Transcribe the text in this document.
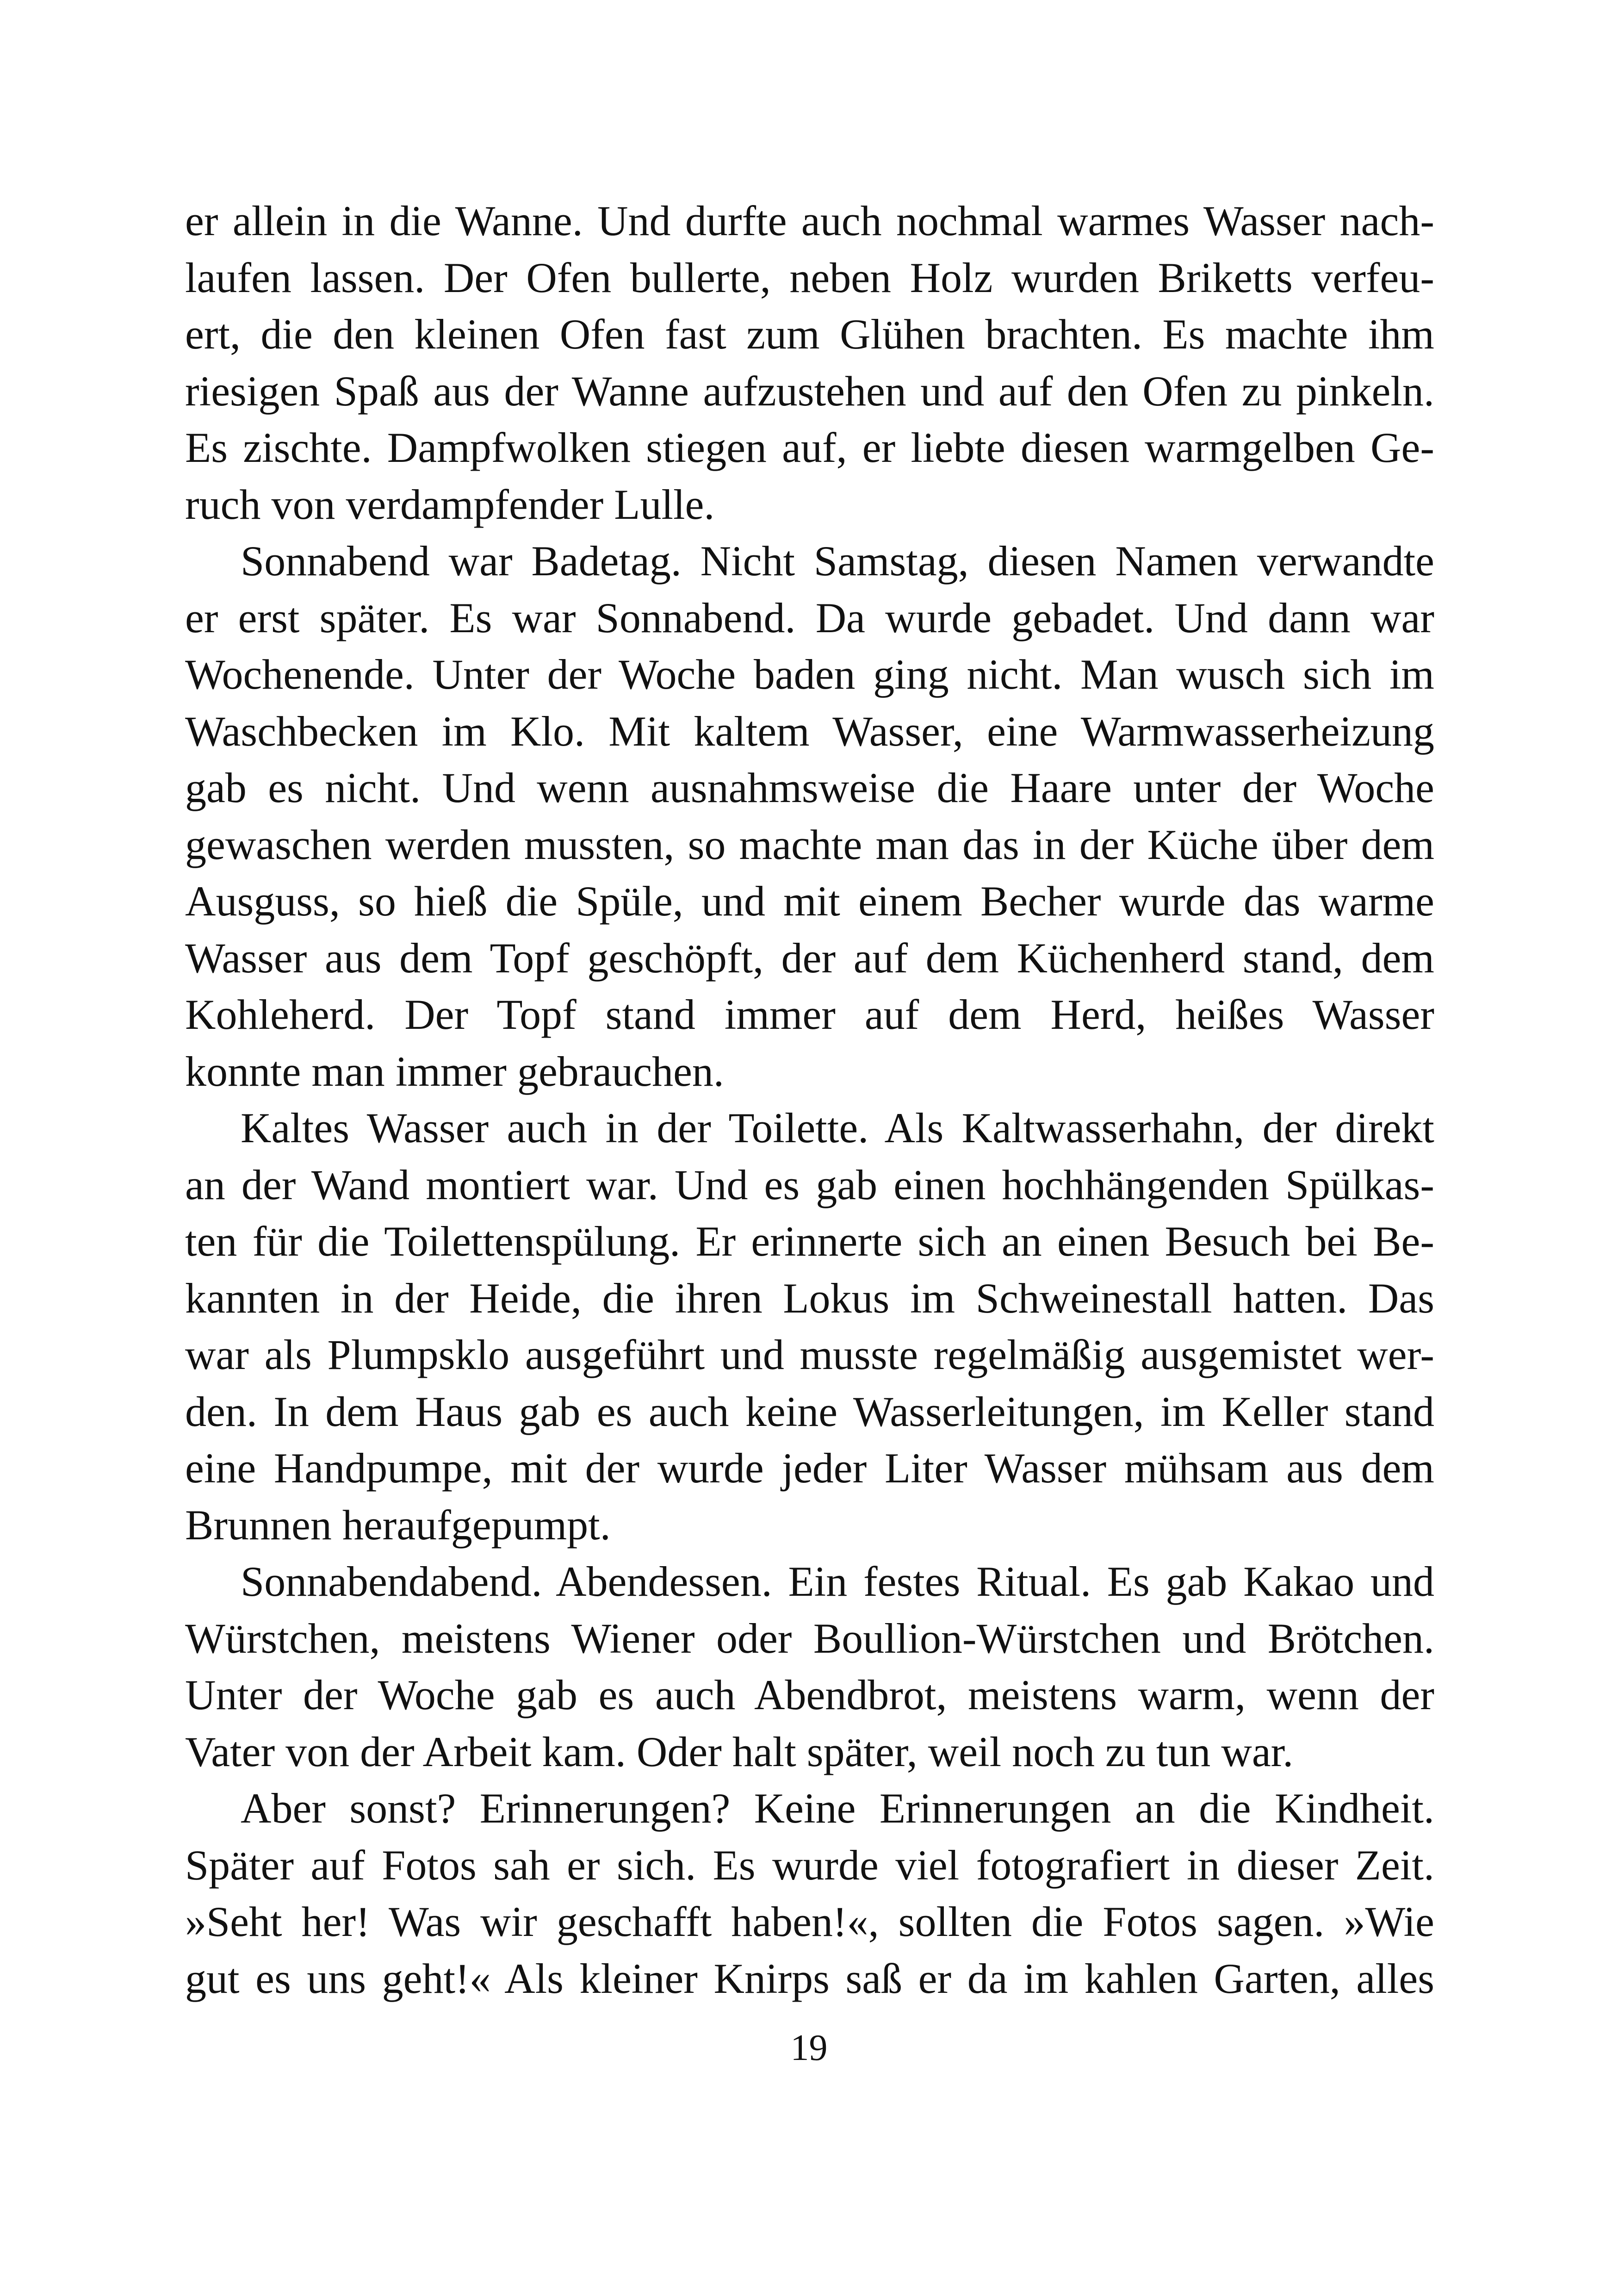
er allein in die Wanne. Und durfte auch nochmal warmes Wasser nach-
laufen lassen. Der Ofen bullerte, neben Holz wurden Briketts verfeu-
ert, die den kleinen Ofen fast zum Glühen brachten. Es machte ihm
riesigen Spaß aus der Wanne aufzustehen und auf den Ofen zu pinkeln.
Es zischte. Dampfwolken stiegen auf, er liebte diesen warmgelben Ge-
ruch von verdampfender Lulle.
Sonnabend war Badetag. Nicht Samstag, diesen Namen verwandte
er erst später. Es war Sonnabend. Da wurde gebadet. Und dann war
Wochenende. Unter der Woche baden ging nicht. Man wusch sich im
Waschbecken im Klo. Mit kaltem Wasser, eine Warmwasserheizung
gab es nicht. Und wenn ausnahmsweise die Haare unter der Woche
gewaschen werden mussten, so machte man das in der Küche über dem
Ausguss, so hieß die Spüle, und mit einem Becher wurde das warme
Wasser aus dem Topf geschöpft, der auf dem Küchenherd stand, dem
Kohleherd. Der Topf stand immer auf dem Herd, heißes Wasser
konnte man immer gebrauchen.
Kaltes Wasser auch in der Toilette. Als Kaltwasserhahn, der direkt
an der Wand montiert war. Und es gab einen hochhängenden Spülkas-
ten für die Toilettenspülung. Er erinnerte sich an einen Besuch bei Be-
kannten in der Heide, die ihren Lokus im Schweinestall hatten. Das
war als Plumpsklo ausgeführt und musste regelmäßig ausgemistet wer-
den. In dem Haus gab es auch keine Wasserleitungen, im Keller stand
eine Handpumpe, mit der wurde jeder Liter Wasser mühsam aus dem
Brunnen heraufgepumpt.
Sonnabendabend. Abendessen. Ein festes Ritual. Es gab Kakao und
Würstchen, meistens Wiener oder Boullion-Würstchen und Brötchen.
Unter der Woche gab es auch Abendbrot, meistens warm, wenn der
Vater von der Arbeit kam. Oder halt später, weil noch zu tun war.
Aber sonst? Erinnerungen? Keine Erinnerungen an die Kindheit.
Später auf Fotos sah er sich. Es wurde viel fotografiert in dieser Zeit.
»Seht her! Was wir geschafft haben!«, sollten die Fotos sagen. »Wie
gut es uns geht!« Als kleiner Knirps saß er da im kahlen Garten, alles
19
